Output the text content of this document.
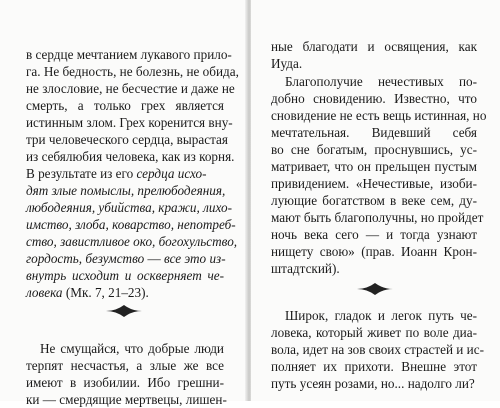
в сердце мечтанием лукавого прило-
га. Не бедность, не болезнь, не обида,
не злословие, не бесчестие и даже не
смерть, а только грех является
истинным злом. Грех коренится вну-
три человеческого сердца, вырастая
из себялюбия человека, как из корня.
В результате из его сердца исхо-
дят злые помыслы, прелюбодеяния,
любодеяния, убийства, кражи, лихо-
имство, злоба, коварство, непотреб-
ство, завистливое око, богохульство,
гордость, безумство — все это из-
внутрь исходит и оскверняет че-
ловека (Мк. 7, 21–23).
Не смущайся, что добрые люди
терпят несчастья, а злые же все
имеют в изобилии. Ибо грешни-
ки — смердящие мертвецы, лишен-
ные благодати и освящения, как
Иуда.
Благополучие нечестивых по-
добно сновидению. Известно, что
сновидение не есть вещь истинная, но
мечтательная. Видевший себя
во сне богатым, проснувшись, ус-
матривает, что он прельщен пустым
привидением. «Нечестивые, изоби-
лующие богатством в веке сем, ду-
мают быть благополучны, но пройдет
ночь века сего — и тогда узнают
нищету свою» (прав. Иоанн Крон-
штадтский).
Широк, гладок и легок путь че-
ловека, который живет по воле диа-
вола, идет на зов своих страстей и ис-
полняет их прихоти. Внешне этот
путь усеян розами, но... надолго ли?
